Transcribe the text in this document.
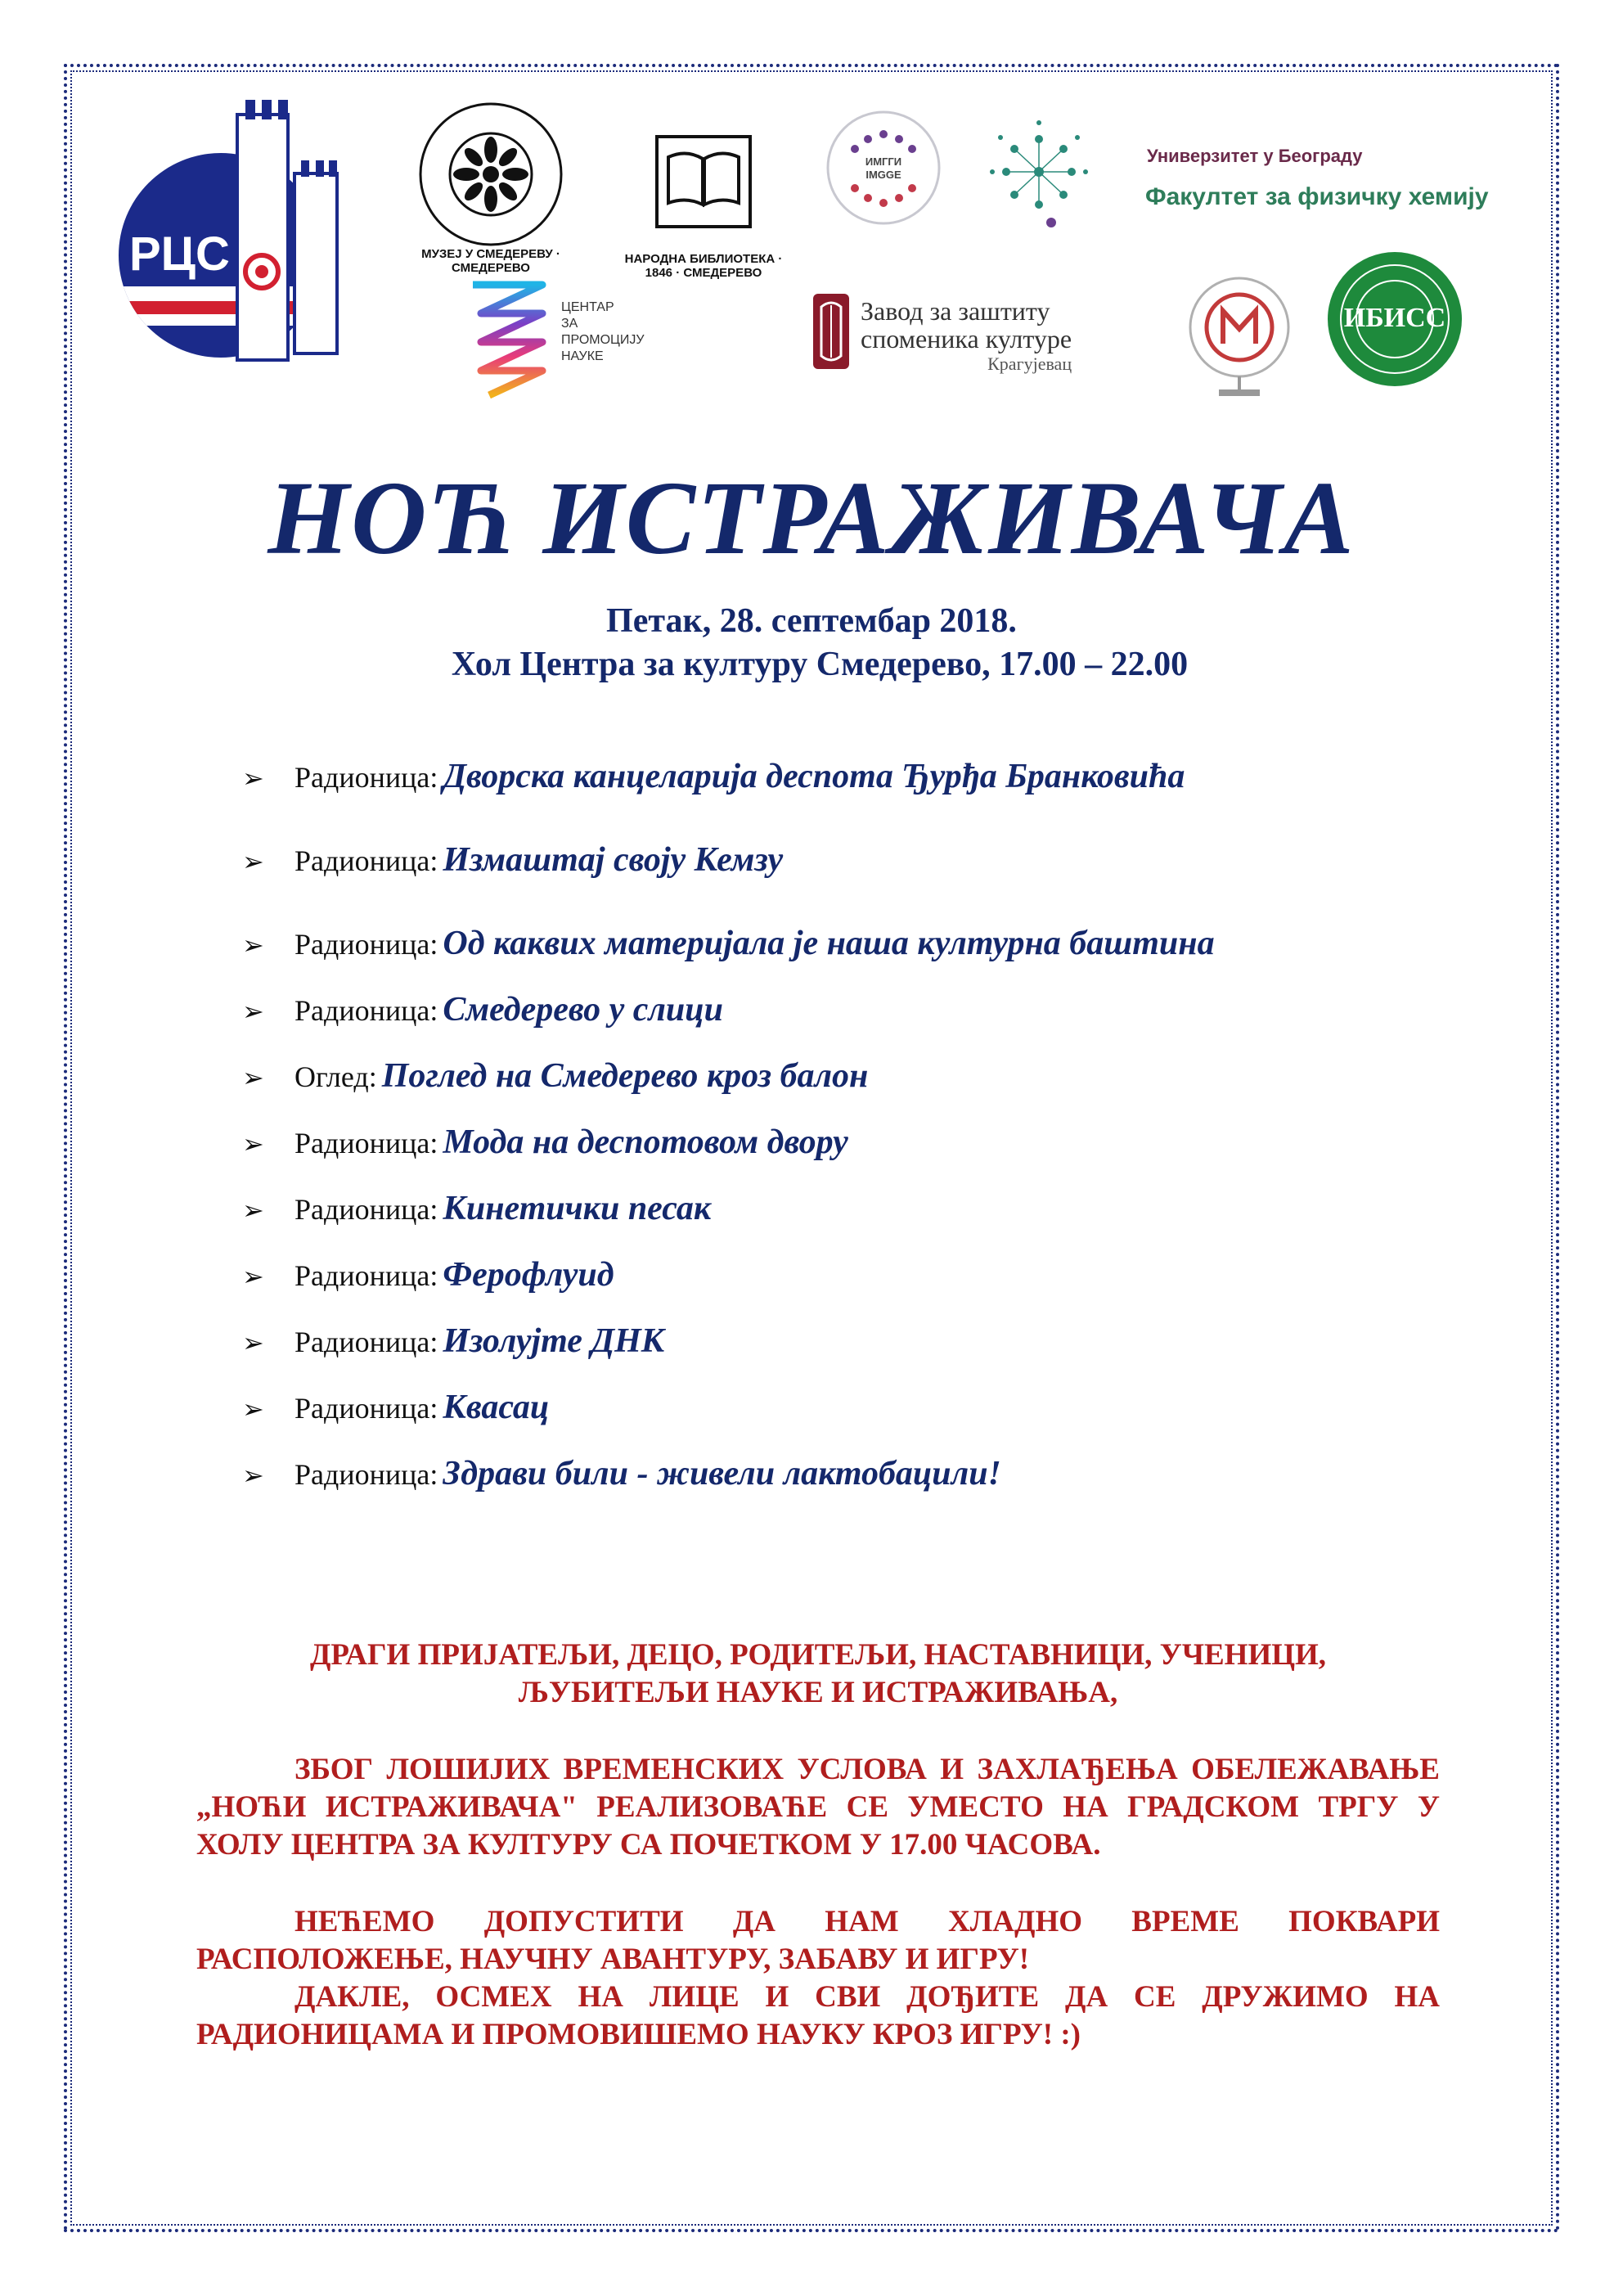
РЦС	МУЗЕЈ У СМЕДЕРЕВУ · СМЕДЕРЕВО
НАРОДНА БИБЛИОТЕКА · 1846 · СМЕДЕРЕВО
ИМГГИ IMGGE
Универзитет у Београду
Факултет за физичку хемију
ЦЕНТАР
ЗА
ПРОМОЦИЈУ
НАУКЕ
Завод за заштиту
споменика културе
Крагујевац
ИБИСС
НОЋ ИСТРАЖИВАЧА
Петак, 28. септембар 2018.
Хол Центра за културу Смедерево, 17.00 – 22.00
➢	Радионица: Дворска канцеларија деспота Ђурђа Бранковића
➢	Радионица: Измаштај своју Кемзу
➢	Радионица: Од каквих материјала је наша културна баштина
➢	Радионица: Смедерево у слици
➢	Оглед: Поглед на Смедерево кроз балон
➢	Радионица: Мода на деспотовом двору
➢	Радионица: Кинетички песак
➢	Радионица: Ферофлуид
➢	Радионица: Изолујте ДНК
➢	Радионица: Квасац
➢	Радионица: Здрави били - живели лактобацили!
ДРАГИ ПРИЈАТЕЉИ, ДЕЦО, РОДИТЕЉИ, НАСТАВНИЦИ, УЧЕНИЦИ,
ЉУБИТЕЉИ НАУКЕ И ИСТРАЖИВАЊА,
ЗБОГ ЛОШИЈИХ ВРЕМЕНСКИХ УСЛОВА И ЗАХЛАЂЕЊА ОБЕЛЕЖАВАЊЕ „НОЋИ ИСТРАЖИВАЧА" РЕАЛИЗОВАЋЕ СЕ УМЕСТО НА ГРАДСКОМ ТРГУ У ХОЛУ ЦЕНТРА ЗА КУЛТУРУ СА ПОЧЕТКОМ У 17.00 ЧАСОВА.
НЕЋЕМО ДОПУСТИТИ ДА НАМ ХЛАДНО ВРЕМЕ ПОКВАРИ РАСПОЛОЖЕЊЕ, НАУЧНУ АВАНТУРУ, ЗАБАВУ И ИГРУ!
ДАКЛЕ, ОСМЕХ НА ЛИЦЕ И СВИ ДОЂИТЕ ДА СЕ ДРУЖИМО НА РАДИОНИЦАМА И ПРОМОВИШЕМО НАУКУ КРОЗ ИГРУ! :)
